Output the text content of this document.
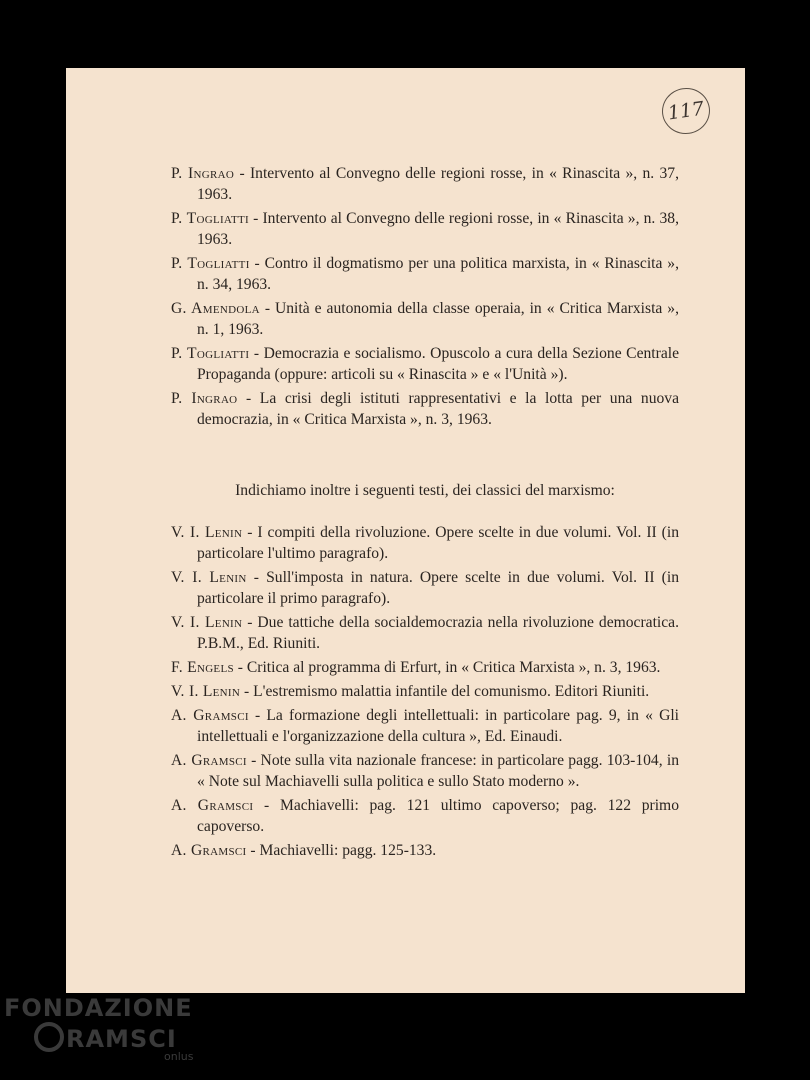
117
P. Ingrao - Intervento al Convegno delle regioni rosse, in « Rinascita », n. 37, 1963.
P. Togliatti - Intervento al Convegno delle regioni rosse, in « Rinascita », n. 38, 1963.
P. Togliatti - Contro il dogmatismo per una politica marxista, in « Rinascita », n. 34, 1963.
G. Amendola - Unità e autonomia della classe operaia, in « Critica Marxista », n. 1, 1963.
P. Togliatti - Democrazia e socialismo. Opuscolo a cura della Sezione Centrale Propaganda (oppure: articoli su « Rinascita » e « l'Unità »).
P. Ingrao - La crisi degli istituti rappresentativi e la lotta per una nuova democrazia, in « Critica Marxista », n. 3, 1963.
Indichiamo inoltre i seguenti testi, dei classici del marxismo:
V. I. Lenin - I compiti della rivoluzione. Opere scelte in due volumi. Vol. II (in particolare l'ultimo paragrafo).
V. I. Lenin - Sull'imposta in natura. Opere scelte in due volumi. Vol. II (in particolare il primo paragrafo).
V. I. Lenin - Due tattiche della socialdemocrazia nella rivoluzione democratica. P.B.M., Ed. Riuniti.
F. Engels - Critica al programma di Erfurt, in « Critica Marxista », n. 3, 1963.
V. I. Lenin - L'estremismo malattia infantile del comunismo. Editori Riuniti.
A. Gramsci - La formazione degli intellettuali: in particolare pag. 9, in « Gli intellettuali e l'organizzazione della cultura », Ed. Einaudi.
A. Gramsci - Note sulla vita nazionale francese: in particolare pagg. 103-104, in « Note sul Machiavelli sulla politica e sullo Stato moderno ».
A. Gramsci - Machiavelli: pag. 121 ultimo capoverso; pag. 122 primo capoverso.
A. Gramsci - Machiavelli: pagg. 125-133.
FONDAZIONE
RAMSCI
onlus
